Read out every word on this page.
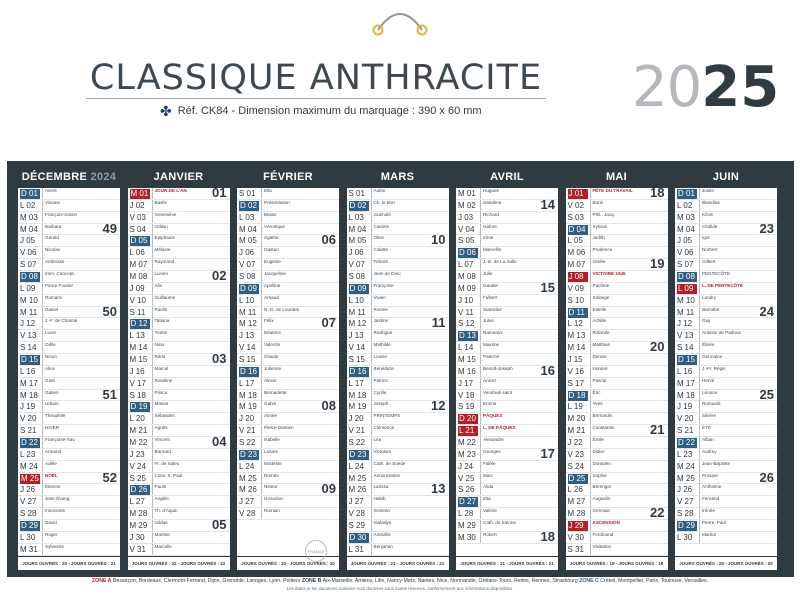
CLASSIQUE ANTHRACITE
✤ Réf. CK84 - Dimension maximum du marquage : 390 x 60 mm	2025
DÉCEMBRE 2024
D 01	Avent
L 02	Viviane
M 03	François-Xavier
M 04	Barbara	49
J 05	Gérald
V 06	Nicolas
S 07	Ambroise
D 08	Imm. Concept.
L 09	Pierre Fourier
M 10	Romaric
M 11	Daniel	50
J 12	J.-F. de Chantal
V 13	Lucie
S 14	Odile
D 15	Ninon
L 16	Alice
M 17	Gaël
M 18	Gatien	51
J 19	Urbain
V 20	Théophile
S 21	HIVER
D 22	Françoise-Xav.
L 23	Armand
M 24	Adèle
M 25	NOËL	52
J 26	Étienne
V 27	Jean Évang.
S 28	Innocents
D 29	David
L 30	Roger
M 31	Sylvestre
JOURS OUVRÉS : 20 - JOURS OUVRÉS : 21
JANVIER
M 01	JOUR DE L'AN	01
J 02	Basile
V 03	Geneviève
S 04	Odilon
D 05	Épiphanie
L 06	Mélaine
M 07	Raymond
M 08	Lucien	02
J 09	Alix
V 10	Guillaume
S 11	Paulin
D 12	Tatiana
L 13	Yvette
M 14	Nina
M 15	Rémi	03
J 16	Marcel
V 17	Roseline
S 18	Prisca
D 19	Marius
L 20	Sébastien
M 21	Agnès
M 22	Vincent	04
J 23	Barnard
V 24	Fr. de Sales
S 25	Conv. S. Paul
D 26	Paule
L 27	Angèle
M 28	Th. d'Aquin
M 29	Gildas	05
J 30	Martine
V 31	Marcelle
JOURS OUVRÉS : 22 - JOURS OUVRÉS : 22
FÉVRIER
S 01	Ella
D 02	Présentation
L 03	Blaise
M 04	Véronique
M 05	Agathe	06
J 06	Gaston
V 07	Eugénie
S 08	Jacqueline
D 09	Apolline
L 10	Arnaud
M 11	N.-D. de Lourdes
M 12	Félix	07
J 13	Béatrice
V 14	Valentin
S 15	Claude
D 16	Julienne
L 17	Alexis
M 18	Bernadette
M 19	Gabin	08
J 20	Aimée
V 21	Pierre-Damien
S 22	Isabelle
D 23	Lazare
L 24	Modeste
M 25	Roméo
M 26	Nestor	09
J 27	Honorine
V 28	Romain
JOURS OUVRÉS : 20 - JOURS OUVRÉS : 20
MARS
S 01	Aubin
D 02	Ch. le Bon
L 03	Guénolé
M 04	Casimir
M 05	Olive	10
J 06	Colette
V 07	Félicité
S 08	Jean de Dieu
D 09	Françoise
L 10	Vivien
M 11	Rosine
M 12	Justine	11
J 13	Rodrigue
V 14	Mathilde
S 15	Louise
D 16	Bénédicte
L 17	Patrice
M 18	Cyrille
M 19	Joseph	12
J 20	PRINTEMPS
V 21	Clémence
S 22	Léa
D 23	Victorien
L 24	Cath. de Suède
M 25	Annonciation
M 26	Larissa	13
J 27	Habib
V 28	Gontran
S 29	Gwladys
D 30	Amédée
L 31	Benjamin
JOURS OUVRÉS : 21 - JOURS OUVRÉS : 21
AVRIL
M 01	Hugues
M 02	Sandrine	14
J 03	Richard
V 04	Isidore
S 05	Irène
D 06	Marcellin
L 07	J.-B. de La Salle
M 08	Julie
M 09	Gautier	15
J 10	Fulbert
V 11	Stanislas
S 12	Jules
D 13	Rameaux
L 14	Maxime
M 15	Paterne
M 16	Benoît-Joseph	16
J 17	Anicet
V 18	Vendredi saint
S 19	Emma
D 20	PÂQUES
L 21	L. DE PÂQUES
M 22	Alexandre
M 23	Georges	17
J 24	Fidèle
V 25	Marc
S 26	Alida
D 27	Zita
L 28	Valérie
M 29	Cath. de Sienne
M 30	Robert	18
JOURS OUVRÉS : 21 - JOURS OUVRÉS : 21
MAI
J 01	FÊTE DU TRAVAIL	18
V 02	Boris
S 03	Phil., Jacq.
D 04	Sylvain
L 05	Judith
M 06	Prudence
M 07	Gisèle	19
J 08	VICTOIRE 1945
V 09	Pacôme
S 10	Solange
D 11	Estelle
L 12	Achille
M 13	Rolande
M 14	Matthias	20
J 15	Denise
V 16	Honoré
S 17	Pascal
D 18	Éric
L 19	Yves
M 20	Bernardin
M 21	Constantin	21
J 22	Émile
V 23	Didier
S 24	Donatien
D 25	Sophie
L 26	Bérenger
M 27	Augustin
M 28	Germain	22
J 29	ASCENSION
V 30	Ferdinand
S 31	Visitation
JOURS OUVRÉS : 19 - JOURS OUVRÉS : 19
JUIN
D 01	Justin
L 02	Blandine
M 03	Kévin
M 04	Clotilde	23
J 05	Igor
V 06	Norbert
S 07	Gilbert
D 08	PENTECÔTE
L 09	L. DE PENTECÔTE
M 10	Landry
M 11	Barnabé	24
J 12	Guy
V 13	Antoine de Padoue
S 14	Élisée
D 15	Germaine
L 16	J.-Fr. Régis
M 17	Hervé
M 18	Léonce	25
J 19	Romuald
V 20	Silvère
S 21	ÉTÉ
D 22	Alban
L 23	Audrey
M 24	Jean-Baptiste
M 25	Prosper	26
J 26	Anthelme
V 27	Fernand
S 28	Irénée
D 29	Pierre, Paul
L 30	Martial
JOURS OUVRÉS : 20 - JOURS OUVRÉS : 20
FRANCE
ZONE A Besançon, Bordeaux, Clermont-Ferrand, Dijon, Grenoble, Limoges, Lyon, Poitiers ZONE B Aix-Marseille, Amiens, Lille, Nancy-Metz, Nantes, Nice, Normandie, Orléans-Tours, Reims, Rennes, Strasbourg ZONE C Créteil, Montpellier, Paris, Toulouse, Versailles.
Les dates et les vacances scolaires sont données sous toutes réserves, conformément aux informations disponibles.
